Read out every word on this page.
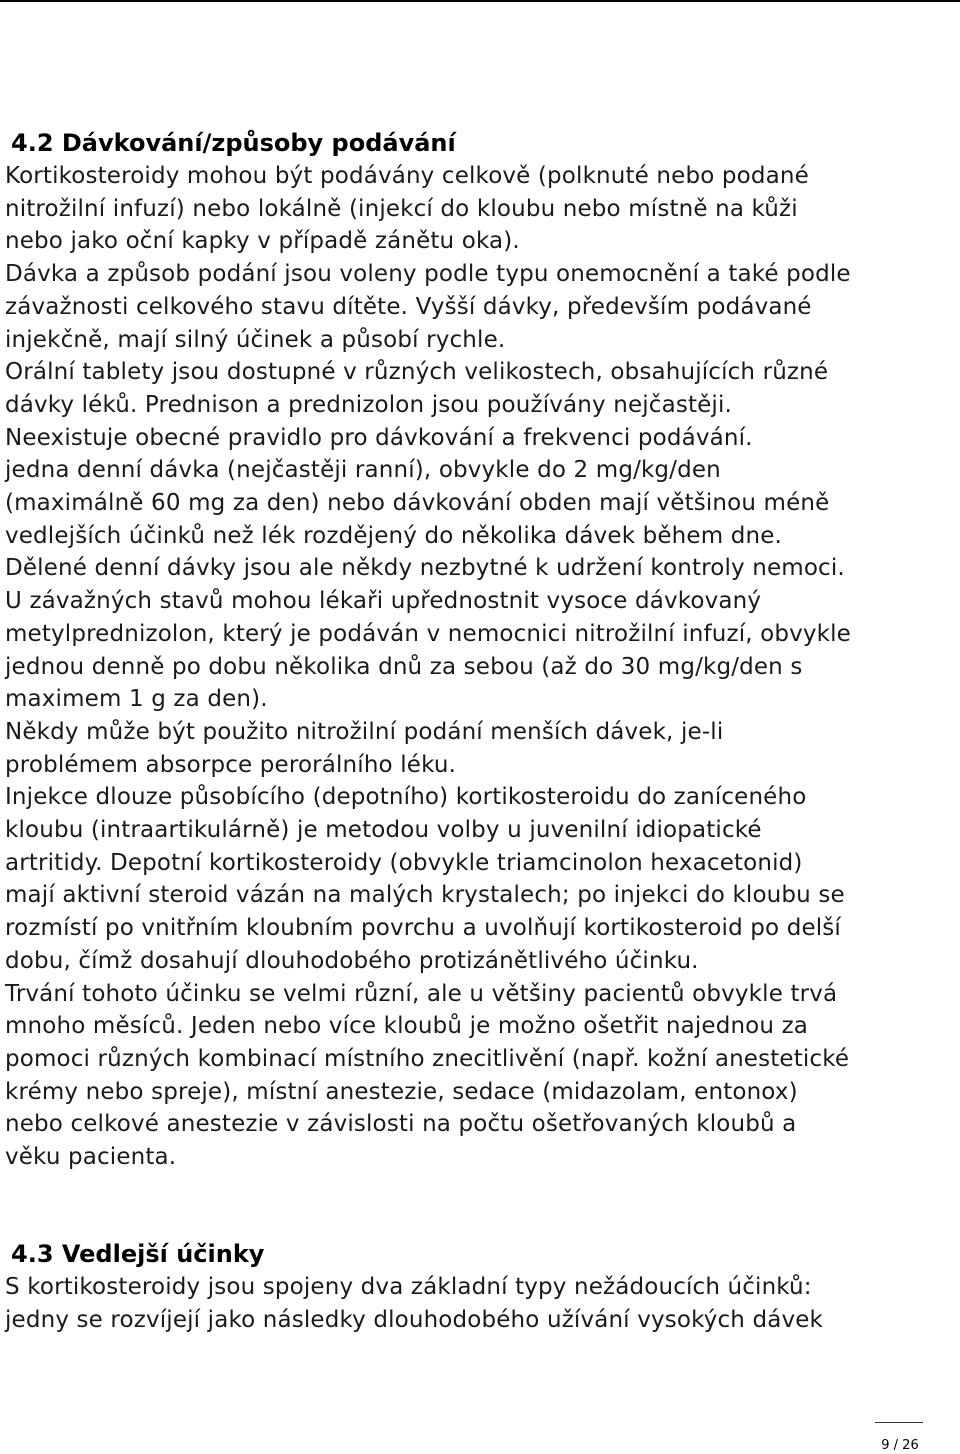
4.2 Dávkování/způsoby podávání

Kortikosteroidy mohou být podávány celkově (polknuté nebo podané

nitrožilní infuzí) nebo lokálně (injekcí do kloubu nebo místně na kůži

nebo jako oční kapky v případě zánětu oka).

Dávka a způsob podání jsou voleny podle typu onemocnění a také podle

závažnosti celkového stavu dítěte. Vyšší dávky, především podávané

injekčně, mají silný účinek a působí rychle.

Orální tablety jsou dostupné v různých velikostech, obsahujících různé

dávky léků. Prednison a prednizolon jsou používány nejčastěji.

Neexistuje obecné pravidlo pro dávkování a frekvenci podávání.

jedna denní dávka (nejčastěji ranní), obvykle do 2 mg/kg/den

(maximálně 60 mg za den) nebo dávkování obden mají většinou méně

vedlejších účinků než lék rozdějený do několika dávek během dne.

Dělené denní dávky jsou ale někdy nezbytné k udržení kontroly nemoci.

U závažných stavů mohou lékaři upřednostnit vysoce dávkovaný

metylprednizolon, který je podáván v nemocnici nitrožilní infuzí, obvykle

jednou denně po dobu několika dnů za sebou (až do 30 mg/kg/den s

maximem 1 g za den).

Někdy může být použito nitrožilní podání menších dávek, je-li

problémem absorpce perorálního léku.

Injekce dlouze působícího (depotního) kortikosteroidu do zaníceného

kloubu (intraartikulárně) je metodou volby u juvenilní idiopatické

artritidy. Depotní kortikosteroidy (obvykle triamcinolon hexacetonid)

mají aktivní steroid vázán na malých krystalech; po injekci do kloubu se

rozmístí po vnitřním kloubním povrchu a uvolňují kortikosteroid po delší

dobu, čímž dosahují dlouhodobého protizánětlivého účinku.

Trvání tohoto účinku se velmi různí, ale u většiny pacientů obvykle trvá

mnoho měsíců. Jeden nebo více kloubů je možno ošetřit najednou za

pomoci různých kombinací místního znecitlivění (např. kožní anestetické

krémy nebo spreje), místní anestezie, sedace (midazolam, entonox)

nebo celkové anestezie v závislosti na počtu ošetřovaných kloubů a

věku pacienta.

4.3 Vedlejší účinky

S kortikosteroidy jsou spojeny dva základní typy nežádoucích účinků:

jedny se rozvíjejí jako následky dlouhodobého užívání vysokých dávek

9 / 26
